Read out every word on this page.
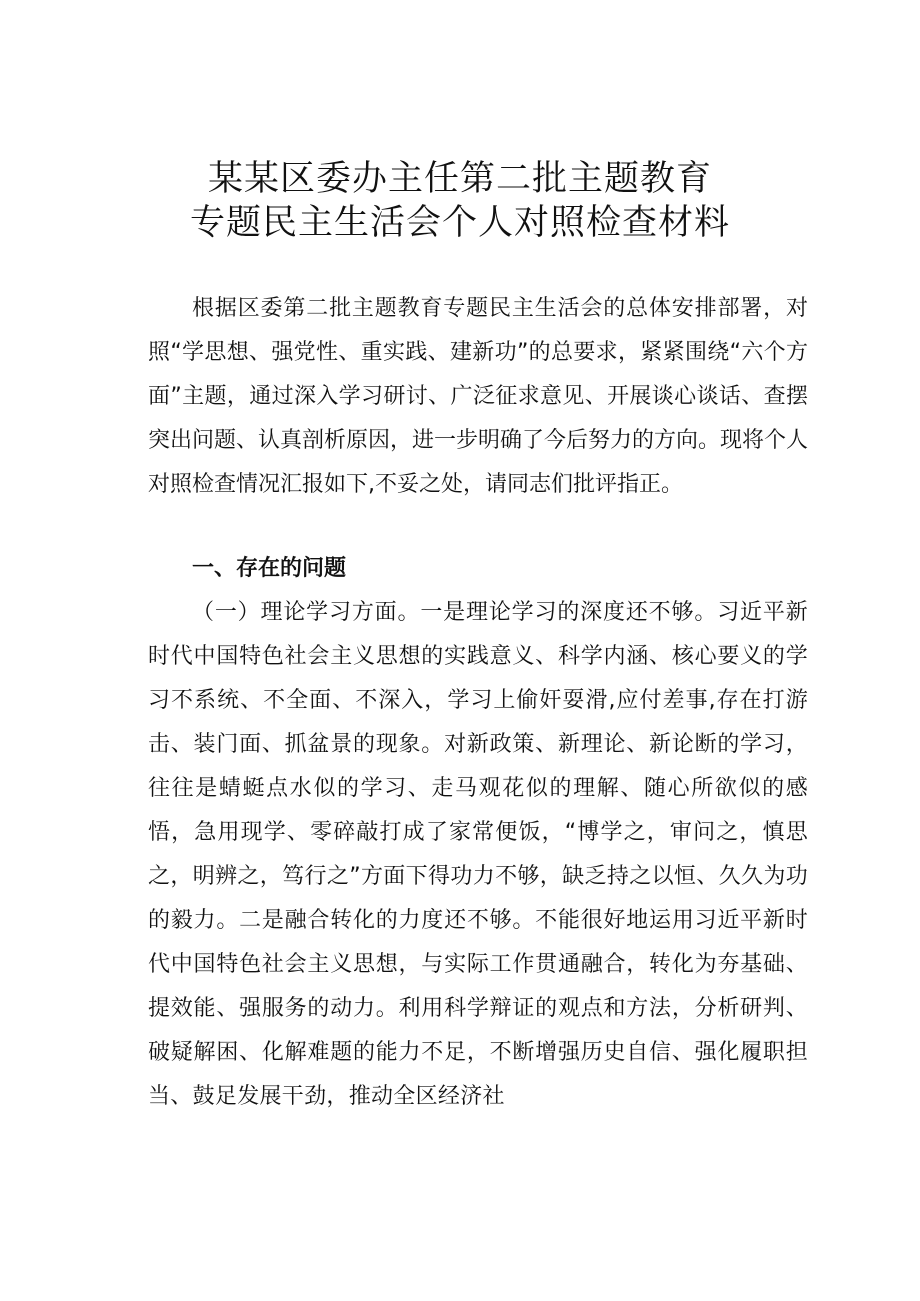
某某区委办主任第二批主题教育
专题民主生活会个人对照检查材料

根据区委第二批主题教育专题民主生活会的总体安排部署，对照“学思想、强党性、重实践、建新功”的总要求，紧紧围绕“六个方面”主题，通过深入学习研讨、广泛征求意见、开展谈心谈话、查摆突出问题、认真剖析原因，进一步明确了今后努力的方向。现将个人对照检查情况汇报如下,不妥之处，请同志们批评指正。

一、存在的问题

（一）理论学习方面。一是理论学习的深度还不够。习近平新时代中国特色社会主义思想的实践意义、科学内涵、核心要义的学习不系统、不全面、不深入，学习上偷奸耍滑,应付差事,存在打游击、装门面、抓盆景的现象。对新政策、新理论、新论断的学习，往往是蜻蜓点水似的学习、走马观花似的理解、随心所欲似的感悟，急用现学、零碎敲打成了家常便饭，“博学之，审问之，慎思之，明辨之，笃行之”方面下得功力不够，缺乏持之以恒、久久为功的毅力。二是融合转化的力度还不够。不能很好地运用习近平新时代中国特色社会主义思想，与实际工作贯通融合，转化为夯基础、提效能、强服务的动力。利用科学辩证的观点和方法，分析研判、破疑解困、化解难题的能力不足，不断增强历史自信、强化履职担当、鼓足发展干劲，推动全区经济社
